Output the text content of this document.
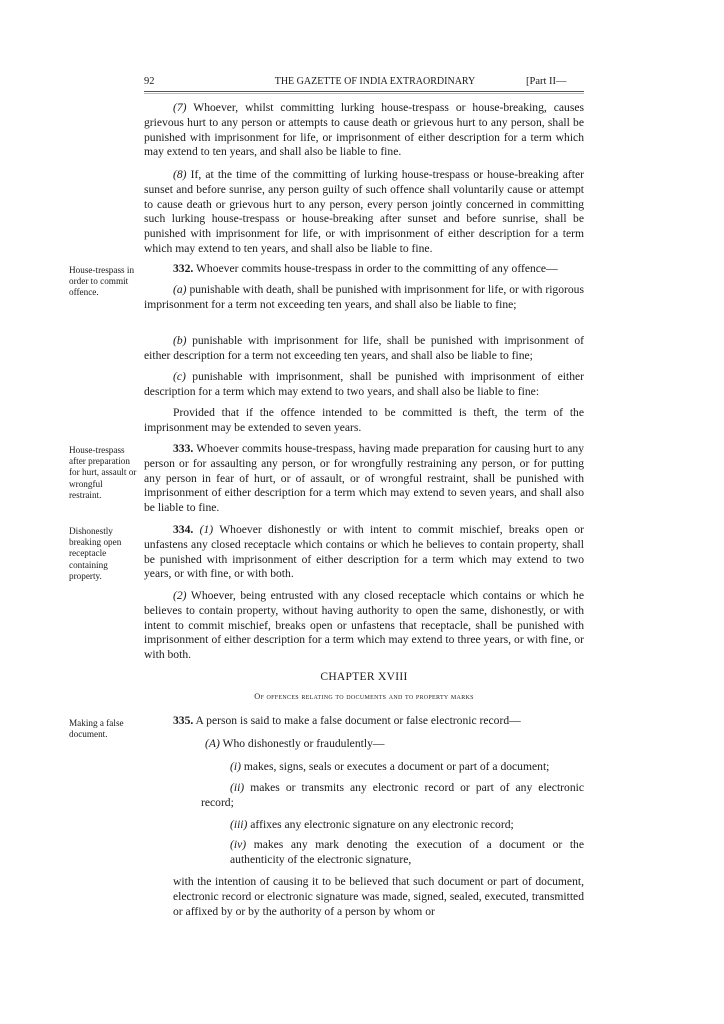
92	THE GAZETTE OF INDIA EXTRAORDINARY	[Part II—

(7) Whoever, whilst committing lurking house-trespass or house-breaking, causes grievous hurt to any person or attempts to cause death or grievous hurt to any person, shall be punished with imprisonment for life, or imprisonment of either description for a term which may extend to ten years, and shall also be liable to fine.

(8) If, at the time of the committing of lurking house-trespass or house-breaking after sunset and before sunrise, any person guilty of such offence shall voluntarily cause or attempt to cause death or grievous hurt to any person, every person jointly concerned in committing such lurking house-trespass or house-breaking after sunset and before sunrise, shall be punished with imprisonment for life, or with imprisonment of either description for a term which may extend to ten years, and shall also be liable to fine.

House-trespass in order to commit offence.

332. Whoever commits house-trespass in order to the committing of any offence—

(a) punishable with death, shall be punished with imprisonment for life, or with rigorous imprisonment for a term not exceeding ten years, and shall also be liable to fine;

(b) punishable with imprisonment for life, shall be punished with imprisonment of either description for a term not exceeding ten years, and shall also be liable to fine;

(c) punishable with imprisonment, shall be punished with imprisonment of either description for a term which may extend to two years, and shall also be liable to fine:

Provided that if the offence intended to be committed is theft, the term of the imprisonment may be extended to seven years.

House-trespass after preparation for hurt, assault or wrongful restraint.

333. Whoever commits house-trespass, having made preparation for causing hurt to any person or for assaulting any person, or for wrongfully restraining any person, or for putting any person in fear of hurt, or of assault, or of wrongful restraint, shall be punished with imprisonment of either description for a term which may extend to seven years, and shall also be liable to fine.

Dishonestly breaking open receptacle containing property.

334. (1) Whoever dishonestly or with intent to commit mischief, breaks open or unfastens any closed receptacle which contains or which he believes to contain property, shall be punished with imprisonment of either description for a term which may extend to two years, or with fine, or with both.

(2) Whoever, being entrusted with any closed receptacle which contains or which he believes to contain property, without having authority to open the same, dishonestly, or with intent to commit mischief, breaks open or unfastens that receptacle, shall be punished with imprisonment of either description for a term which may extend to three years, or with fine, or with both.

CHAPTER XVIII

Of offences relating to documents and to property marks

Making a false document.

335. A person is said to make a false document or false electronic record—

(A) Who dishonestly or fraudulently—

(i) makes, signs, seals or executes a document or part of a document;

(ii) makes or transmits any electronic record or part of any electronic record;

(iii) affixes any electronic signature on any electronic record;

(iv) makes any mark denoting the execution of a document or the authenticity of the electronic signature,

with the intention of causing it to be believed that such document or part of document, electronic record or electronic signature was made, signed, sealed, executed, transmitted or affixed by or by the authority of a person by whom or
